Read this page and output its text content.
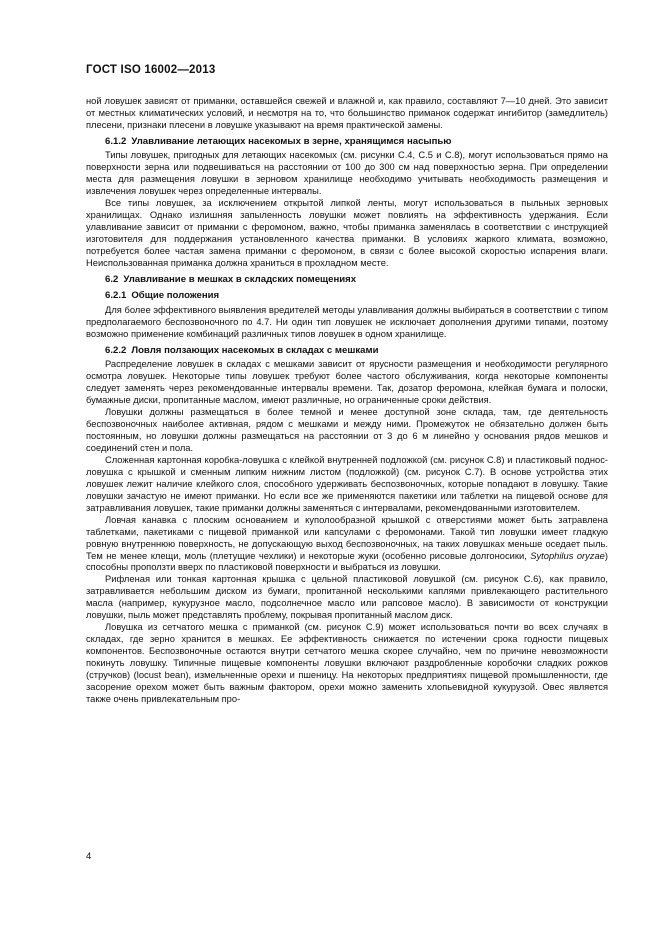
ГОСТ ISO 16002—2013

ной ловушек зависят от приманки, оставшейся свежей и влажной и, как правило, составляют 7—10 дней. Это зависит от местных климатических условий, и несмотря на то, что большинство приманок содержат ингибитор (замедлитель) плесени, признаки плесени в ловушке указывают на время практической замены.

6.1.2 Улавливание летающих насекомых в зерне, хранящимся насыпью

Типы ловушек, пригодных для летающих насекомых (см. рисунки С.4, С.5 и С.8), могут использоваться прямо на поверхности зерна или подвешиваться на расстоянии от 100 до 300 см над поверхностью зерна. При определении места для размещения ловушки в зерновом хранилище необходимо учитывать необходимость размещения и извлечения ловушек через определенные интервалы.

Все типы ловушек, за исключением открытой липкой ленты, могут использоваться в пыльных зерновых хранилищах. Однако излишняя запыленность ловушки может повлиять на эффективность удержания. Если улавливание зависит от приманки с феромоном, важно, чтобы приманка заменялась в соответствии с инструкцией изготовителя для поддержания установленного качества приманки. В условиях жаркого климата, возможно, потребуется более частая замена приманки с феромоном, в связи с более высокой скоростью испарения влаги. Неиспользованная приманка должна храниться в прохладном месте.

6.2 Улавливание в мешках в складских помещениях
6.2.1 Общие положения

Для более эффективного выявления вредителей методы улавливания должны выбираться в соответствии с типом предполагаемого беспозвоночного по 4.7. Ни один тип ловушек не исключает дополнения другими типами, поэтому возможно применение комбинаций различных типов ловушек в одном хранилище.

6.2.2 Ловля ползающих насекомых в складах с мешками

Распределение ловушек в складах с мешками зависит от ярусности размещения и необходимости регулярного осмотра ловушек. Некоторые типы ловушек требуют более частого обслуживания, когда некоторые компоненты следует заменять через рекомендованные интервалы времени. Так, дозатор феромона, клейкая бумага и полоски, бумажные диски, пропитанные маслом, имеют различные, но ограниченные сроки действия.

Ловушки должны размещаться в более темной и менее доступной зоне склада, там, где деятельность беспозвоночных наиболее активная, рядом с мешками и между ними. Промежуток не обязательно должен быть постоянным, но ловушки должны размещаться на расстоянии от 3 до 6 м линейно у основания рядов мешков и соединений стен и пола.

Сложенная картонная коробка-ловушка с клейкой внутренней подложкой (см. рисунок С.8) и пластиковый поднос-ловушка с крышкой и сменным липким нижним листом (подложкой) (см. рисунок С.7). В основе устройства этих ловушек лежит наличие клейкого слоя, способного удерживать беспозвоночных, которые попадают в ловушку. Такие ловушки зачастую не имеют приманки. Но если все же применяются пакетики или таблетки на пищевой основе для затравливания ловушек, такие приманки должны заменяться с интервалами, рекомендованными изготовителем.

Ловчая канавка с плоским основанием и куполообразной крышкой с отверстиями может быть затравлена таблетками, пакетиками с пищевой приманкой или капсулами с феромонами. Такой тип ловушки имеет гладкую ровную внутреннюю поверхность, не допускающую выход беспозвоночных, на таких ловушках меньше оседает пыль. Тем не менее клещи, моль (плетущие чехлики) и некоторые жуки (особенно рисовые долгоносики, Sytophilus oryzae) способны проползти вверх по пластиковой поверхности и выбраться из ловушки.

Рифленая или тонкая картонная крышка с цельной пластиковой ловушкой (см. рисунок С.6), как правило, затравливается небольшим диском из бумаги, пропитанной несколькими каплями привлекающего растительного масла (например, кукурузное масло, подсолнечное масло или рапсовое масло). В зависимости от конструкции ловушки, пыль может представлять проблему, покрывая пропитанный маслом диск.

Ловушка из сетчатого мешка с приманкой (см. рисунок С.9) может использоваться почти во всех случаях в складах, где зерно хранится в мешках. Ее эффективность снижается по истечении срока годности пищевых компонентов. Беспозвоночные остаются внутри сетчатого мешка скорее случайно, чем по причине невозможности покинуть ловушку. Типичные пищевые компоненты ловушки включают раздробленные коробочки сладких рожков (стручков) (locust bean), измельченные орехи и пшеницу. На некоторых предприятиях пищевой промышленности, где засорение орехом может быть важным фактором, орехи можно заменить хлопьевидной кукурузой. Овес является также очень привлекательным про-

4
